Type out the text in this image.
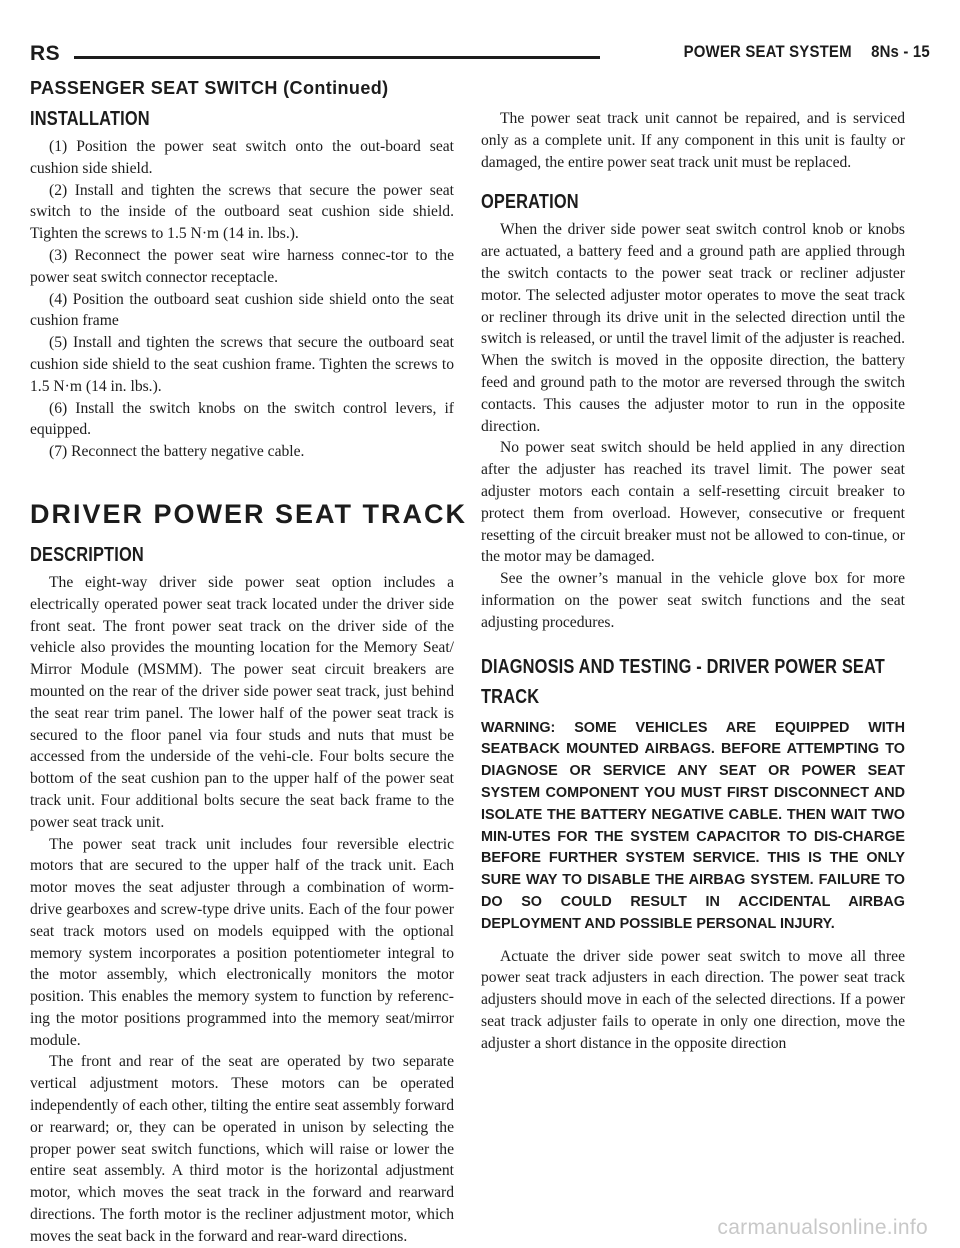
RS	POWER SEAT SYSTEM 8Ns - 15
PASSENGER SEAT SWITCH (Continued)
INSTALLATION

(1) Position the power seat switch onto the out-board seat cushion side shield.

(2) Install and tighten the screws that secure the power seat switch to the inside of the outboard seat cushion side shield. Tighten the screws to 1.5 N·m (14 in. lbs.).

(3) Reconnect the power seat wire harness connec-tor to the power seat switch connector receptacle.

(4) Position the outboard seat cushion side shield onto the seat cushion frame

(5) Install and tighten the screws that secure the outboard seat cushion side shield to the seat cushion frame. Tighten the screws to 1.5 N·m (14 in. lbs.).

(6) Install the switch knobs on the switch control levers, if equipped.

(7) Reconnect the battery negative cable.

DRIVER POWER SEAT TRACK
DESCRIPTION

The eight-way driver side power seat option includes a electrically operated power seat track located under the driver side front seat. The front power seat track on the driver side of the vehicle also provides the mounting location for the Memory Seat/ Mirror Module (MSMM). The power seat circuit breakers are mounted on the rear of the driver side power seat track, just behind the seat rear trim panel. The lower half of the power seat track is secured to the floor panel via four studs and nuts that must be accessed from the underside of the vehi-cle. Four bolts secure the bottom of the seat cushion pan to the upper half of the power seat track unit. Four additional bolts secure the seat back frame to the power seat track unit.

The power seat track unit includes four reversible electric motors that are secured to the upper half of the track unit. Each motor moves the seat adjuster through a combination of worm-drive gearboxes and screw-type drive units. Each of the four power seat track motors used on models equipped with the optional memory system incorporates a position potentiometer integral to the motor assembly, which electronically monitors the motor position. This enables the memory system to function by referenc-ing the motor positions programmed into the memory seat/mirror module.

The front and rear of the seat are operated by two separate vertical adjustment motors. These motors can be operated independently of each other, tilting the entire seat assembly forward or rearward; or, they can be operated in unison by selecting the proper power seat switch functions, which will raise or lower the entire seat assembly. A third motor is the horizontal adjustment motor, which moves the seat track in the forward and rearward directions. The forth motor is the recliner adjustment motor, which moves the seat back in the forward and rear-ward directions.

The power seat track unit cannot be repaired, and is serviced only as a complete unit. If any component in this unit is faulty or damaged, the entire power seat track unit must be replaced.

OPERATION

When the driver side power seat switch control knob or knobs are actuated, a battery feed and a ground path are applied through the switch contacts to the power seat track or recliner adjuster motor. The selected adjuster motor operates to move the seat track or recliner through its drive unit in the selected direction until the switch is released, or until the travel limit of the adjuster is reached. When the switch is moved in the opposite direction, the battery feed and ground path to the motor are reversed through the switch contacts. This causes the adjuster motor to run in the opposite direction.

No power seat switch should be held applied in any direction after the adjuster has reached its travel limit. The power seat adjuster motors each contain a self-resetting circuit breaker to protect them from overload. However, consecutive or frequent resetting of the circuit breaker must not be allowed to con-tinue, or the motor may be damaged.

See the owner’s manual in the vehicle glove box for more information on the power seat switch functions and the seat adjusting procedures.

DIAGNOSIS AND TESTING - DRIVER POWER SEAT TRACK

WARNING: SOME VEHICLES ARE EQUIPPED WITH SEATBACK MOUNTED AIRBAGS. BEFORE ATTEMPTING TO DIAGNOSE OR SERVICE ANY SEAT OR POWER SEAT SYSTEM COMPONENT YOU MUST FIRST DISCONNECT AND ISOLATE THE BATTERY NEGATIVE CABLE. THEN WAIT TWO MIN-UTES FOR THE SYSTEM CAPACITOR TO DIS-CHARGE BEFORE FURTHER SYSTEM SERVICE. THIS IS THE ONLY SURE WAY TO DISABLE THE AIRBAG SYSTEM. FAILURE TO DO SO COULD RESULT IN ACCIDENTAL AIRBAG DEPLOYMENT AND POSSIBLE PERSONAL INJURY.

Actuate the driver side power seat switch to move all three power seat track adjusters in each direction. The power seat track adjusters should move in each of the selected directions. If a power seat track adjuster fails to operate in only one direction, move the adjuster a short distance in the opposite direction

carmanualsonline.info
